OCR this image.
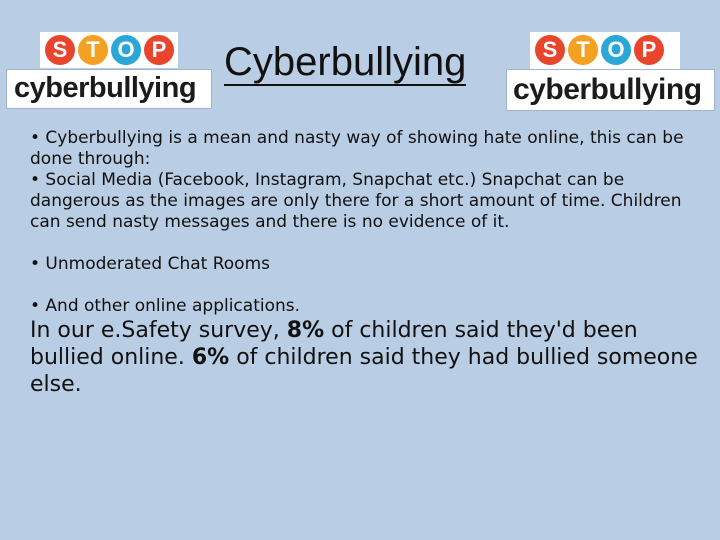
S T O P
cyberbullying
Cyberbullying	S T O P
cyberbullying

• Cyberbullying is a mean and nasty way of showing hate online, this can be done through:

• Social Media (Facebook, Instagram, Snapchat etc.) Snapchat can be dangerous as the images are only there for a short amount of time. Children can send nasty messages and there is no evidence of it.

• Unmoderated Chat Rooms

• And other online applications.

In our e.Safety survey, 8% of children said they'd been bullied online. 6% of children said they had bullied someone else.
